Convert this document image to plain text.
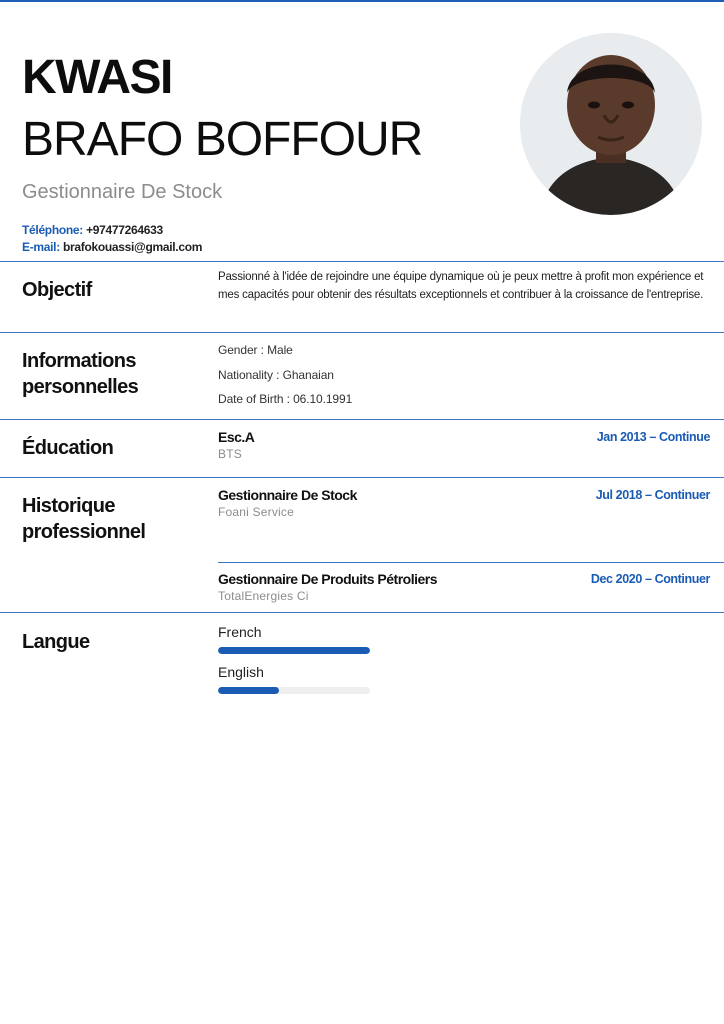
KWASI
BRAFO BOFFOUR
Gestionnaire De Stock
Téléphone: +97477264633
E-mail: brafokouassi@gmail.com
Objectif
Passionné à l'idée de rejoindre une équipe dynamique où je peux mettre à profit mon expérience et mes capacités pour obtenir des résultats exceptionnels et contribuer à la croissance de l'entreprise.
Informations
personnelles
Gender : Male
Nationality : Ghanaian
Date of Birth : 06.10.1991
Éducation	Esc.A
BTS
Jan 2013 – Continue
Historique
professionnel
Gestionnaire De Stock
Foani Service
Jul 2018 – Continuer
Gestionnaire De Produits Pétroliers
TotalEnergies Ci
Dec 2020 – Continuer
Langue	French
English
